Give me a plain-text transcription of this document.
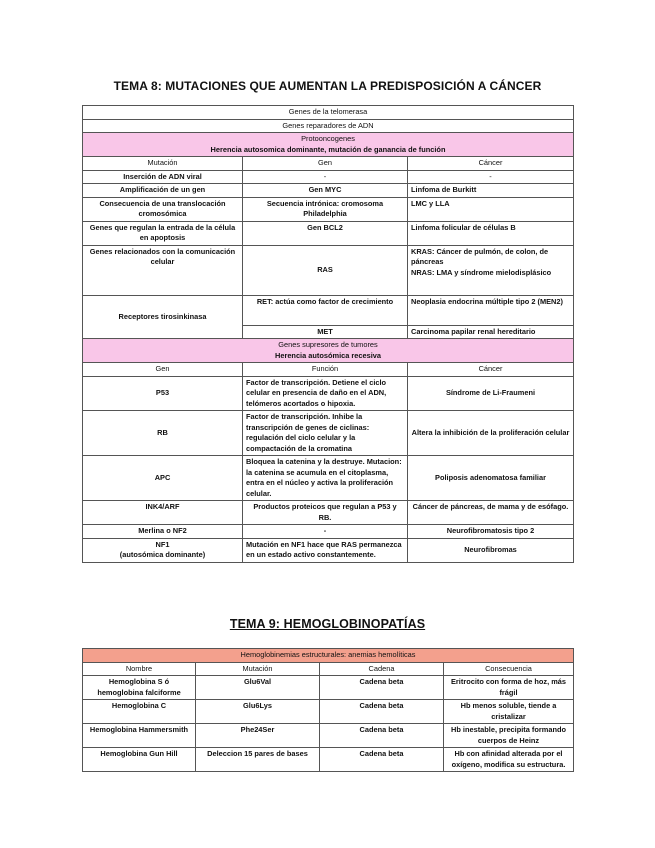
TEMA 8: MUTACIONES QUE AUMENTAN LA PREDISPOSICIÓN A CÁNCER
Genes de la telomerasa		
Genes reparadores de ADN		

Protooncogenes
Herencia autosomica dominante, mutación de ganancia de función		

Mutación	Gen	Cáncer
Inserción de ADN viral	-	-
Amplificación de un gen	Gen MYC	Linfoma de Burkitt
Consecuencia de una translocación cromosómica	Secuencia intrónica: cromosoma Philadelphia	LMC y LLA
Genes que regulan la entrada de la célula en apoptosis	Gen BCL2	Linfoma folicular de células B
Genes relacionados con la comunicación celular	RAS	KRAS: Cáncer de pulmón, de colon, de páncreas
NRAS: LMA y síndrome mielodisplásico
Receptores tirosinkinasa	RET: actúa como factor de crecimiento	Neoplasia endocrina múltiple tipo 2 (MEN2)
	MET	Carcinoma papilar renal hereditario

Genes supresores de tumores
Herencia autosómica recesiva		

Gen	Función	Cáncer
P53	Factor de transcripción. Detiene el ciclo celular en presencia de daño en el ADN, telómeros acortados o hipoxia.	Síndrome de Li-Fraumeni
RB	Factor de transcripción. Inhibe la transcripción de genes de ciclinas: regulación del ciclo celular y la compactación de la cromatina	Altera la inhibición de la proliferación celular
APC	Bloquea la catenina y la destruye. Mutacion: la catenina se acumula en el citoplasma, entra en el núcleo y activa la proliferación celular.	Poliposis adenomatosa familiar
INK4/ARF	Productos proteicos que regulan a P53 y RB.	Cáncer de páncreas, de mama y de esófago.
Merlina o NF2	-	Neurofibromatosis tipo 2
NF1
(autosómica dominante)	Mutación en NF1 hace que RAS permanezca en un estado activo constantemente.	Neurofibromas
TEMA 9: HEMOGLOBINOPATÍAS
Hemoglobinemias estructurales: anemias hemolíticas			
Nombre	Mutación	Cadena	Consecuencia
Hemoglobina S ó hemoglobina falciforme	Glu6Val	Cadena beta	Eritrocito con forma de hoz, más frágil
Hemoglobina C	Glu6Lys	Cadena beta	Hb menos soluble, tiende a cristalizar
Hemoglobina Hammersmith	Phe24Ser	Cadena beta	Hb inestable, precipita formando cuerpos de Heinz
Hemoglobina Gun Hill	Deleccion 15 pares de bases	Cadena beta	Hb con afinidad alterada por el oxígeno, modifica su estructura.
